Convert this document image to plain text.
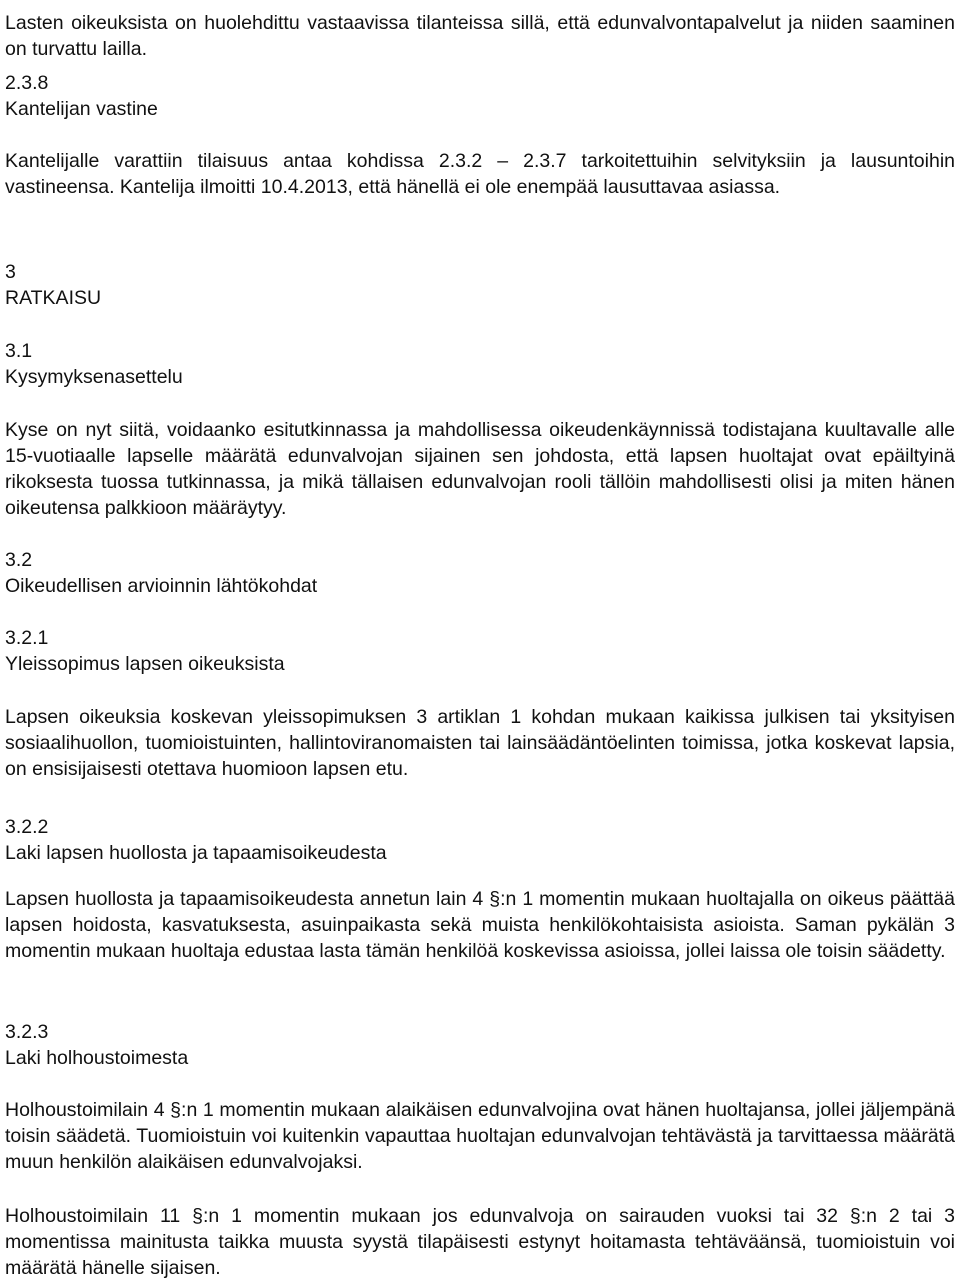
Lasten oikeuksista on huolehdittu vastaavissa tilanteissa sillä, että edunvalvontapalvelut ja niiden saaminen on turvattu lailla.

2.3.8
Kantelijan vastine

Kantelijalle varattiin tilaisuus antaa kohdissa 2.3.2 – 2.3.7 tarkoitettuihin selvityksiin ja lausuntoihin vastineensa. Kantelija ilmoitti 10.4.2013, että hänellä ei ole enempää lausuttavaa asiassa.

3
RATKAISU
3.1
Kysymyksenasettelu

Kyse on nyt siitä, voidaanko esitutkinnassa ja mahdollisessa oikeudenkäynnissä todistajana kuultavalle alle 15-vuotiaalle lapselle määrätä edunvalvojan sijainen sen johdosta, että lapsen huoltajat ovat epäiltyinä rikoksesta tuossa tutkinnassa, ja mikä tällaisen edunvalvojan rooli tällöin mahdollisesti olisi ja miten hänen oikeutensa palkkioon määräytyy.

3.2
Oikeudellisen arvioinnin lähtökohdat
3.2.1
Yleissopimus lapsen oikeuksista

Lapsen oikeuksia koskevan yleissopimuksen 3 artiklan 1 kohdan mukaan kaikissa julkisen tai yksityisen sosiaalihuollon, tuomioistuinten, hallintoviranomaisten tai lainsäädäntöelinten toimissa, jotka koskevat lapsia, on ensisijaisesti otettava huomioon lapsen etu.

3.2.2
Laki lapsen huollosta ja tapaamisoikeudesta

Lapsen huollosta ja tapaamisoikeudesta annetun lain 4 §:n 1 momentin mukaan huoltajalla on oikeus päättää lapsen hoidosta, kasvatuksesta, asuinpaikasta sekä muista henkilökohtaisista asioista. Saman pykälän 3 momentin mukaan huoltaja edustaa lasta tämän henkilöä koskevissa asioissa, jollei laissa ole toisin säädetty.

3.2.3
Laki holhoustoimesta

Holhoustoimilain 4 §:n 1 momentin mukaan alaikäisen edunvalvojina ovat hänen huoltajansa, jollei jäljempänä toisin säädetä. Tuomioistuin voi kuitenkin vapauttaa huoltajan edunvalvojan tehtävästä ja tarvittaessa määrätä muun henkilön alaikäisen edunvalvojaksi.

Holhoustoimilain 11 §:n 1 momentin mukaan jos edunvalvoja on sairauden vuoksi tai 32 §:n 2 tai 3 momentissa mainitusta taikka muusta syystä tilapäisesti estynyt hoitamasta tehtäväänsä, tuomioistuin voi määrätä hänelle sijaisen.
